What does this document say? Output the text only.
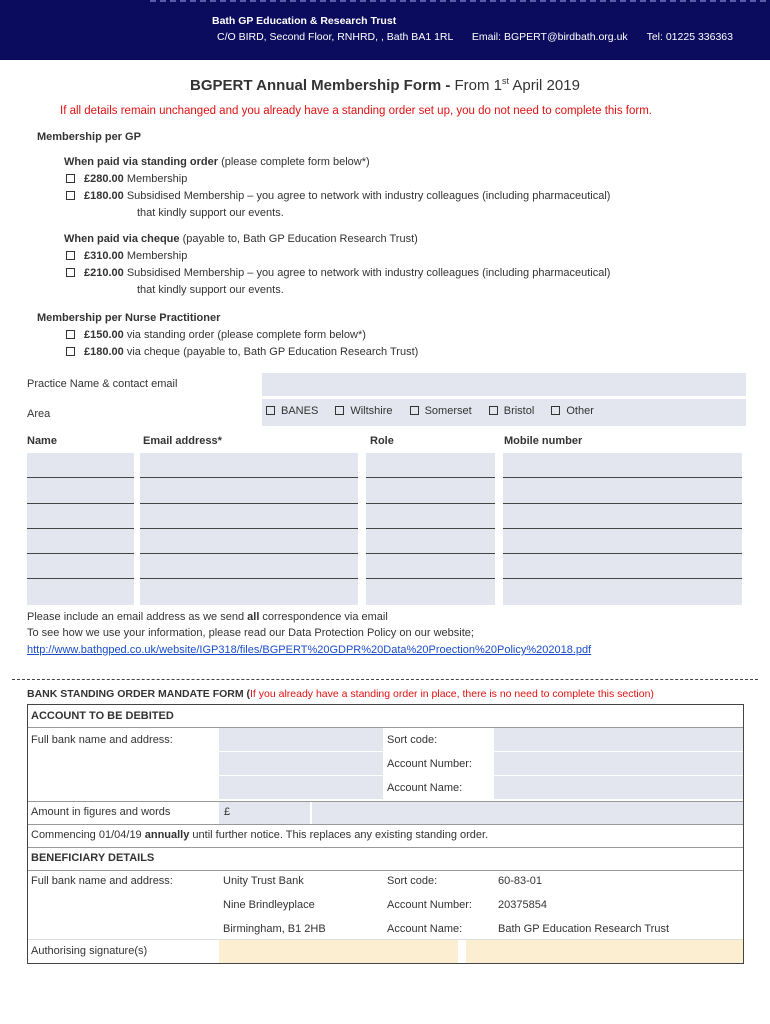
Bath GP Education & Research Trust
C/O BIRD, Second Floor, RNHRD, , Bath BA1 1RL Email: BGPERT@birdbath.org.uk Tel: 01225 336363
BGPERT Annual Membership Form - From 1st April 2019
If all details remain unchanged and you already have a standing order set up, you do not need to complete this form.
Membership per GP
When paid via standing order (please complete form below*)
£280.00 Membership
£180.00 Subsidised Membership – you agree to network with industry colleagues (including pharmaceutical)
that kindly support our events.
When paid via cheque (payable to, Bath GP Education Research Trust)
£310.00 Membership
£210.00 Subsidised Membership – you agree to network with industry colleagues (including pharmaceutical)
that kindly support our events.
Membership per Nurse Practitioner
£150.00 via standing order (please complete form below*)
£180.00 via cheque (payable to, Bath GP Education Research Trust)
Practice Name & contact email
Area	BANES	Wiltshire	Somerset	Bristol	Other
Name	Email address*	Role	Mobile number
Please include an email address as we send all correspondence via email
To see how we use your information, please read our Data Protection Policy on our website;
http://www.bathgped.co.uk/website/IGP318/files/BGPERT%20GDPR%20Data%20Proection%20Policy%202018.pdf
BANK STANDING ORDER MANDATE FORM (If you already have a standing order in place, there is no need to complete this section)
ACCOUNT TO BE DEBITED
Full bank name and address:	Sort code:
Account Number:
Account Name:
Amount in figures and words	£
Commencing 01/04/19 annually until further notice. This replaces any existing standing order.
BENEFICIARY DETAILS
Full bank name and address:	Unity Trust Bank
Nine Brindleyplace
Birmingham, B1 2HB
Sort code:	60-83-01
Account Number: 20375854
Account Name:	Bath GP Education Research Trust
Authorising signature(s)
